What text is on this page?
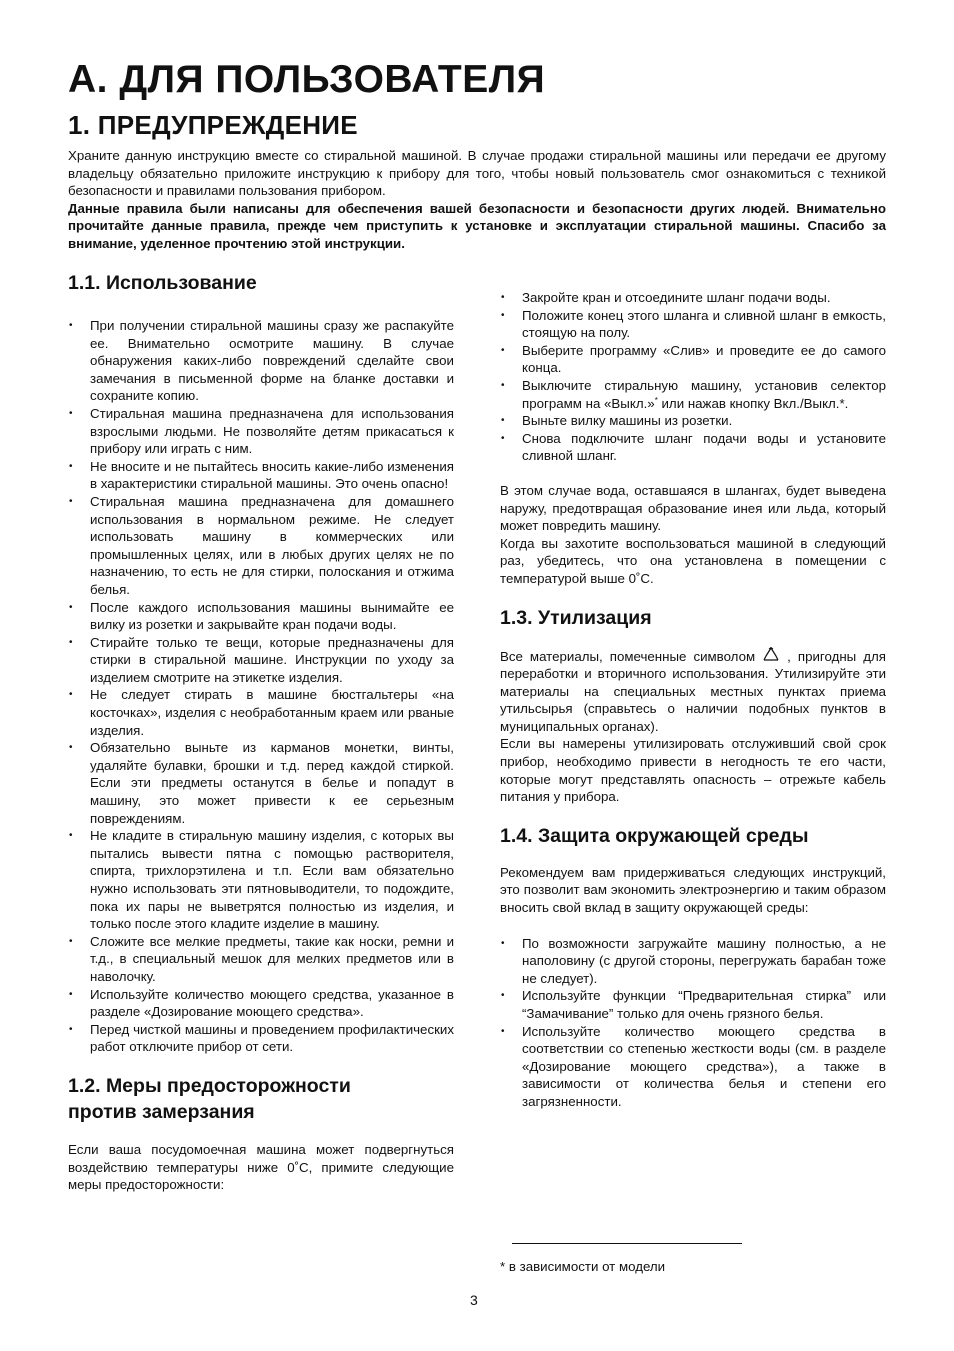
А. ДЛЯ ПОЛЬЗОВАТЕЛЯ
1. ПРЕДУПРЕЖДЕНИЕ

Храните данную инструкцию вместе со стиральной машиной. В случае продажи стиральной машины или передачи ее другому владельцу обязательно приложите инструкцию к прибору для того, чтобы новый пользователь смог ознакомиться с техникой безопасности и правилами пользования прибором.

Данные правила были написаны для обеспечения вашей безопасности и безопасности других людей. Внимательно прочитайте данные правила, прежде чем приступить к установке и эксплуатации стиральной машины. Спасибо за внимание, уделенное прочтению этой инструкции.

1.1. Использование
• При получении стиральной машины сразу же распакуйте ее. Внимательно осмотрите машину. В случае обнаружения каких-либо повреждений сделайте свои замечания в письменной форме на бланке доставки и сохраните копию.
• Стиральная машина предназначена для использования взрослыми людьми. Не позволяйте детям прикасаться к прибору или играть с ним.
• Не вносите и не пытайтесь вносить какие-либо изменения в характеристики стиральной машины. Это очень опасно!
• Стиральная машина предназначена для домашнего использования в нормальном режиме. Не следует использовать машину в коммерческих или промышленных целях, или в любых других целях не по назначению, то есть не для стирки, полоскания и отжима белья.
• После каждого использования машины вынимайте ее вилку из розетки и закрывайте кран подачи воды.
• Стирайте только те вещи, которые предназначены для стирки в стиральной машине. Инструкции по уходу за изделием смотрите на этикетке изделия.
• Не следует стирать в машине бюстгальтеры «на косточках», изделия с необработанным краем или рваные изделия.
• Обязательно выньте из карманов монетки, винты, удаляйте булавки, брошки и т.д. перед каждой стиркой. Если эти предметы останутся в белье и попадут в машину, это может привести к ее серьезным повреждениям.
• Не кладите в стиральную машину изделия, с которых вы пытались вывести пятна с помощью растворителя, спирта, трихлорэтилена и т.п. Если вам обязательно нужно использовать эти пятновыводители, то подождите, пока их пары не выветрятся полностью из изделия, и только после этого кладите изделие в машину.
• Сложите все мелкие предметы, такие как носки, ремни и т.д., в специальный мешок для мелких предметов или в наволочку.
• Используйте количество моющего средства, указанное в разделе «Дозирование моющего средства».
• Перед чисткой машины и проведением профилактических работ отключите прибор от сети.
1.2. Меры предосторожности
против замерзания

Если ваша посудомоечная машина может подвергнуться воздействию температуры ниже 0˚С, примите следующие меры предосторожности:

• Закройте кран и отсоедините шланг подачи воды.
• Положите конец этого шланга и сливной шланг в емкость, стоящую на полу.
• Выберите программу «Слив» и проведите ее до самого конца.
• Выключите стиральную машину, установив селектор программ на «Выкл.»* или нажав кнопку Вкл./Выкл.*.
• Выньте вилку машины из розетки.
• Снова подключите шланг подачи воды и установите сливной шланг.

В этом случае вода, оставшаяся в шлангах, будет выведена наружу, предотвращая образование инея или льда, который может повредить машину.

Когда вы захотите воспользоваться машиной в следующий раз, убедитесь, что она установлена в помещении с температурой выше 0˚С.

1.3. Утилизация

Все материалы, помеченные символом  , пригодны для переработки и вторичного использования. Утилизируйте эти материалы на специальных местных пунктах приема утильсырья (справьтесь о наличии подобных пунктов в муниципальных органах).

Если вы намерены утилизировать отслуживший свой срок прибор, необходимо привести в негодность те его части, которые могут представлять опасность – отрежьте кабель питания у прибора.

1.4. Защита окружающей среды

Рекомендуем вам придерживаться следующих инструкций, это позволит вам экономить электроэнергию и таким образом вносить свой вклад в защиту окружающей среды:

• По возможности загружайте машину полностью, а не наполовину (с другой стороны, перегружать барабан тоже не следует).
• Используйте функции “Предварительная стирка” или “Замачивание” только для очень грязного белья.
• Используйте количество моющего средства в соответствии со степенью жесткости воды (см. в разделе «Дозирование моющего средства»), а также в зависимости от количества белья и степени его загрязненности.
* в зависимости от модели
3
